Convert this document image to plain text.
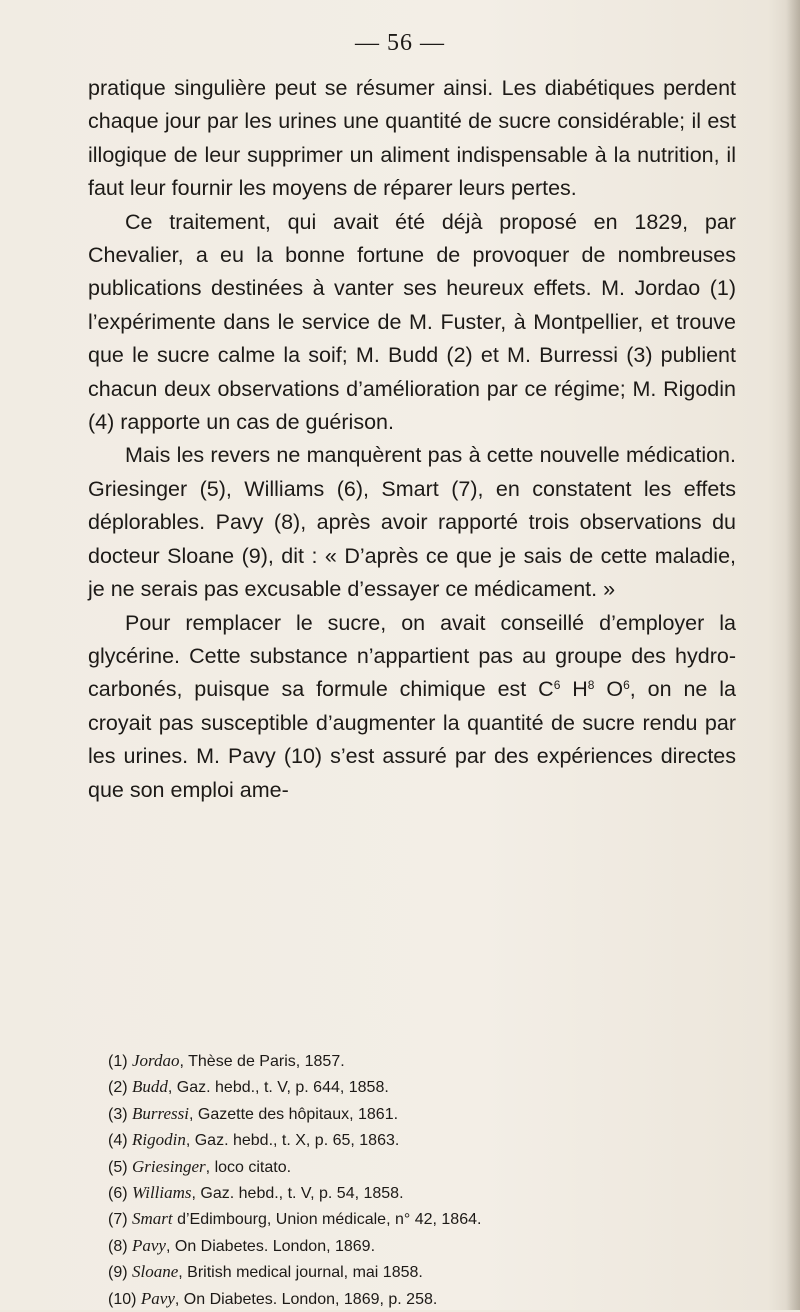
— 56 —

pratique singulière peut se résumer ainsi. Les diabétiques perdent chaque jour par les urines une quantité de sucre considérable; il est illogique de leur supprimer un aliment indispensable à la nutrition, il faut leur fournir les moyens de réparer leurs pertes.

Ce traitement, qui avait été déjà proposé en 1829, par Chevalier, a eu la bonne fortune de provoquer de nombreuses publications destinées à vanter ses heureux effets. M. Jordao (1) l’expérimente dans le service de M. Fuster, à Montpellier, et trouve que le sucre calme la soif; M. Budd (2) et M. Burressi (3) publient chacun deux observations d’amélioration par ce régime; M. Rigodin (4) rapporte un cas de guérison.

Mais les revers ne manquèrent pas à cette nouvelle médication. Griesinger (5), Williams (6), Smart (7), en constatent les effets déplorables. Pavy (8), après avoir rapporté trois observations du docteur Sloane (9), dit : « D’après ce que je sais de cette maladie, je ne serais pas excusable d’essayer ce médicament. »

Pour remplacer le sucre, on avait conseillé d’employer la glycérine. Cette substance n’appartient pas au groupe des hydro-carbonés, puisque sa formule chimique est $C^6$ $H^8$ $O^6$, on ne la croyait pas susceptible d’augmenter la quantité de sucre rendu par les urines. M. Pavy (10) s’est assuré par des expériences directes que son emploi ame-

(1) Jordao, Thèse de Paris, 1857.
(2) Budd, Gaz. hebd., t. V, p. 644, 1858.
(3) Burressi, Gazette des hôpitaux, 1861.
(4) Rigodin, Gaz. hebd., t. X, p. 65, 1863.
(5) Griesinger, loco citato.
(6) Williams, Gaz. hebd., t. V, p. 54, 1858.
(7) Smart d’Edimbourg, Union médicale, n° 42, 1864.
(8) Pavy, On Diabetes. London, 1869.
(9) Sloane, British medical journal, mai 1858.
(10) Pavy, On Diabetes. London, 1869, p. 258.
